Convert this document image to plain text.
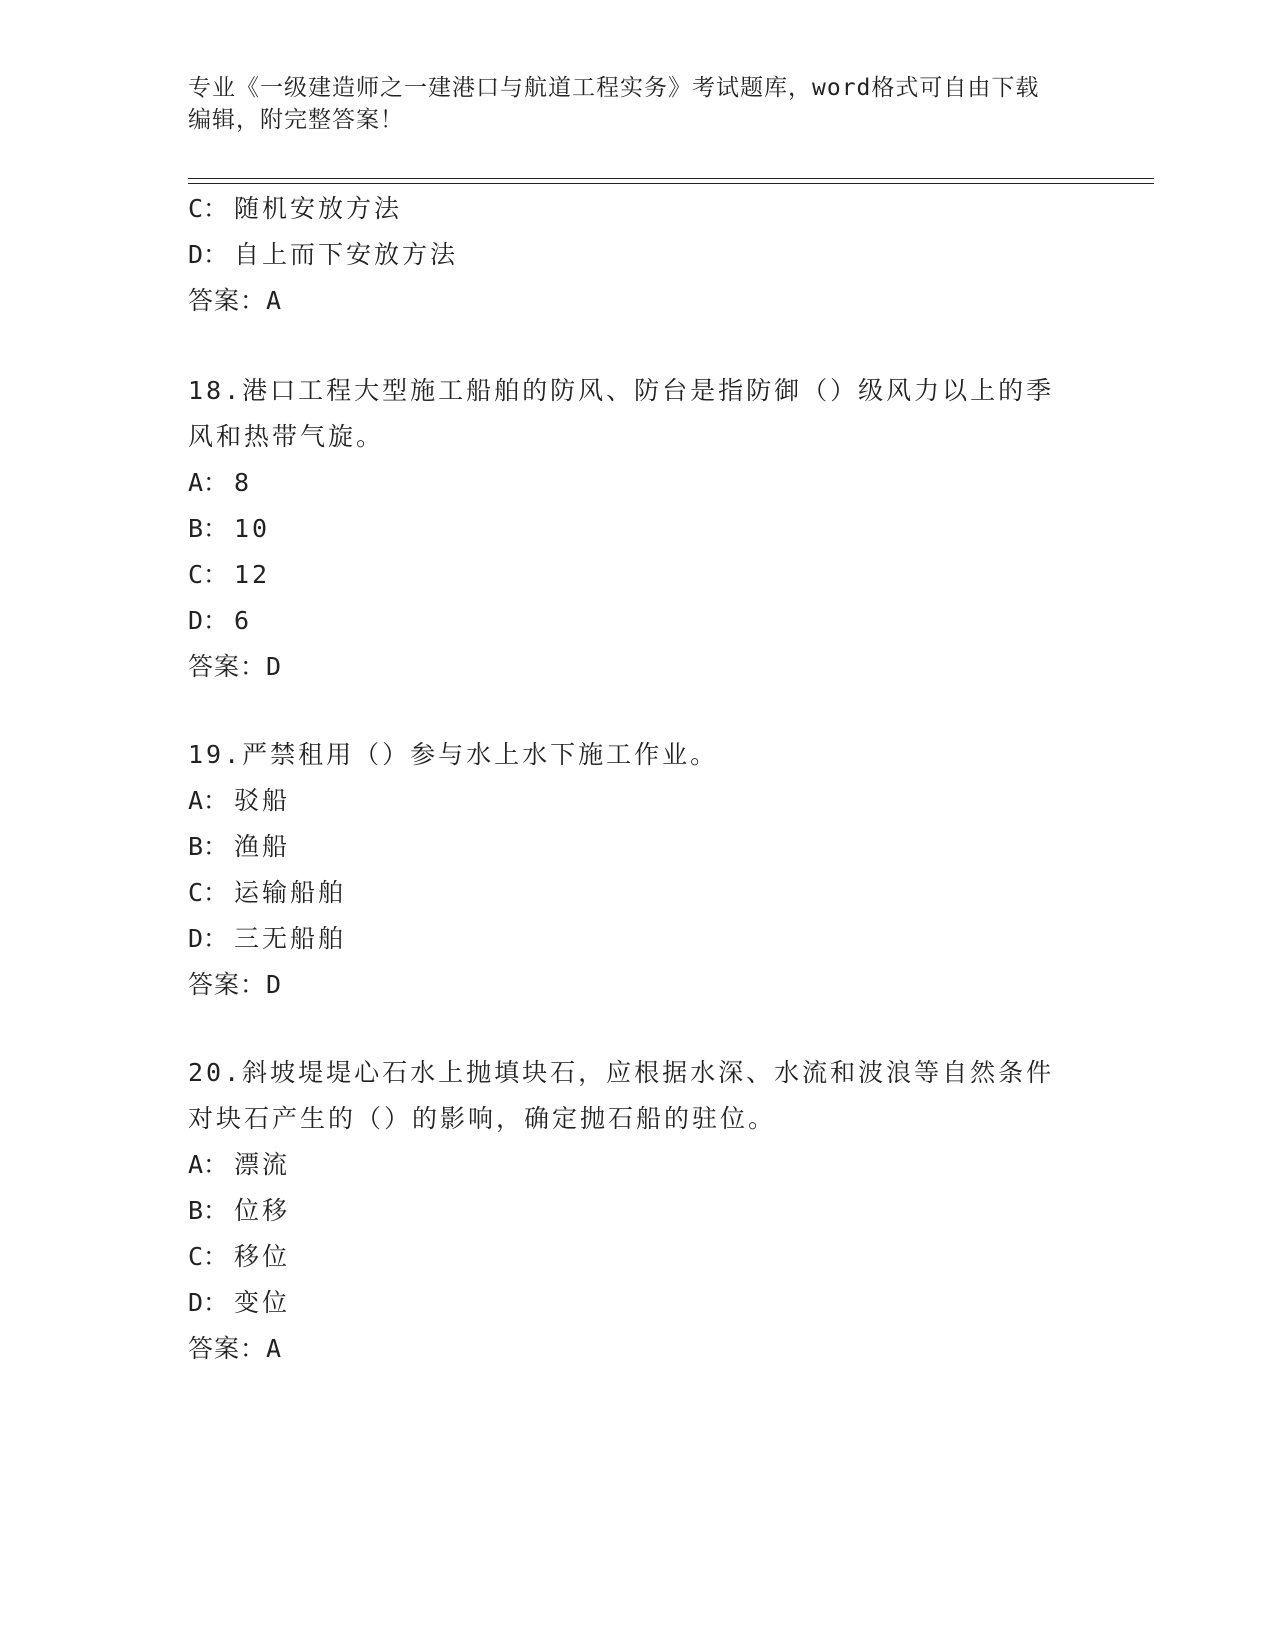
专业《一级建造师之一建港口与航道工程实务》考试题库，word格式可自由下载
编辑，附完整答案！
C： 随机安放方法
D： 自上而下安放方法
答案：A
18.港口工程大型施工船舶的防风、防台是指防御（）级风力以上的季
风和热带气旋。
A： 8
B： 10
C： 12
D： 6
答案：D
19.严禁租用（）参与水上水下施工作业。
A： 驳船
B： 渔船
C： 运输船舶
D： 三无船舶
答案：D
20.斜坡堤堤心石水上抛填块石，应根据水深、水流和波浪等自然条件
对块石产生的（）的影响，确定抛石船的驻位。
A： 漂流
B： 位移
C： 移位
D： 变位
答案：A
